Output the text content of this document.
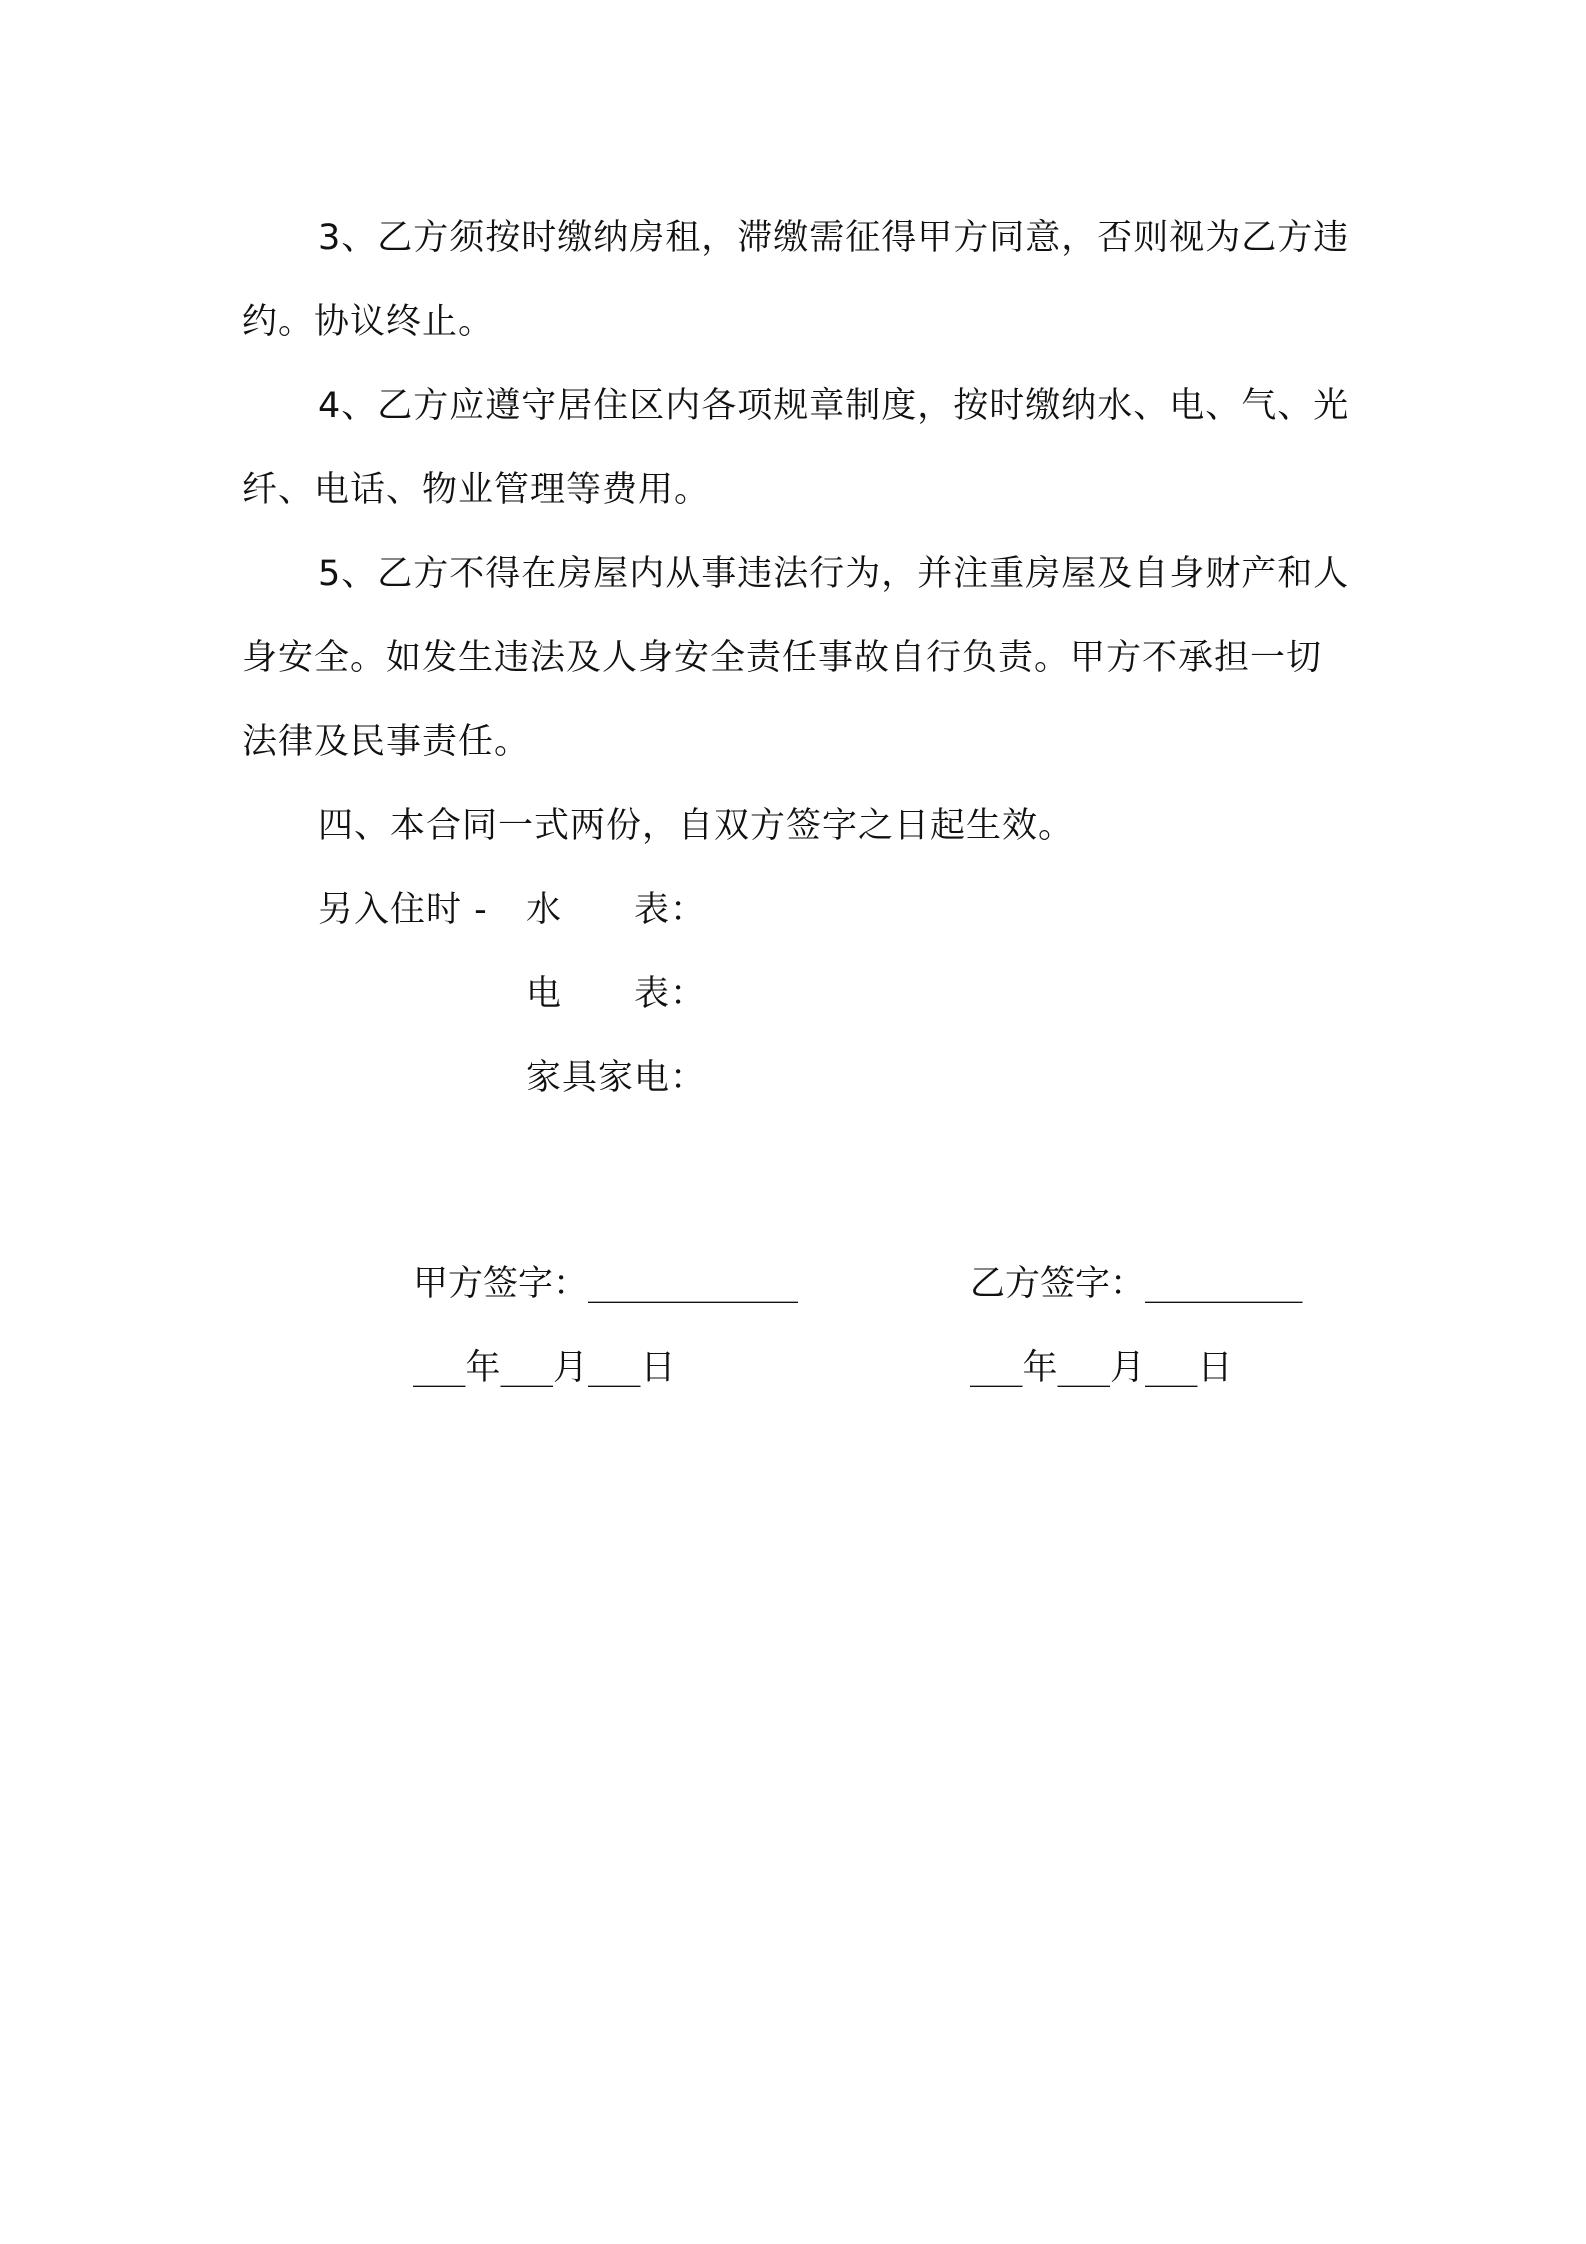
3、乙方须按时缴纳房租，滞缴需征得甲方同意，否则视为乙方违约。协议终止。

4、乙方应遵守居住区内各项规章制度，按时缴纳水、电、气、光纤、电话、物业管理等费用。

5、乙方不得在房屋内从事违法行为，并注重房屋及自身财产和人身安全。如发生违法及人身安全责任事故自行负责。甲方不承担一切法律及民事责任。

四、本合同一式两份，自双方签字之日起生效。

另入住时 -水　　表：
电　　表：
家具家电：
甲方签字：____________
___年___月___日
乙方签字：_________
___年___月___日
